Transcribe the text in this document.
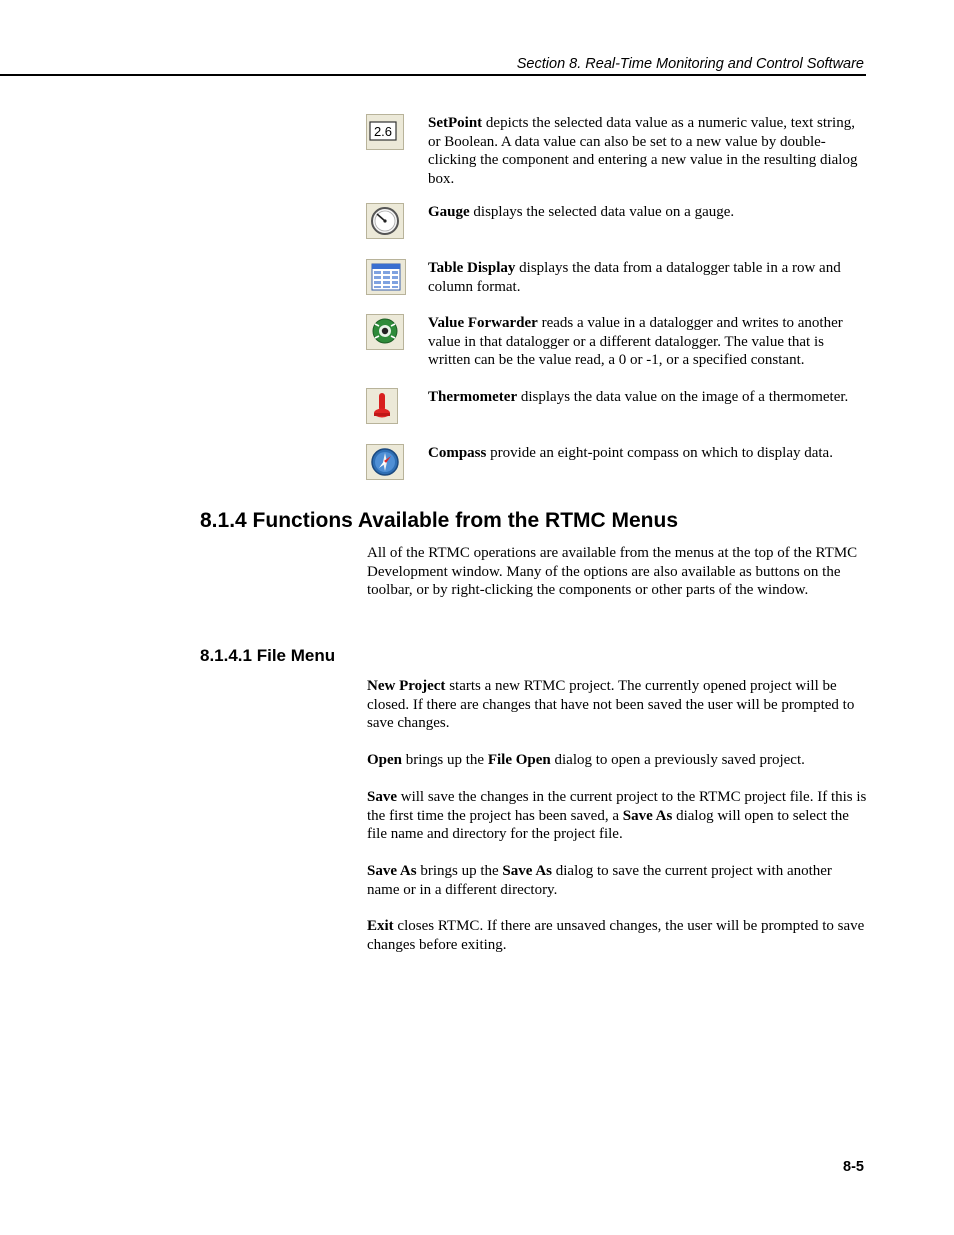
Section 8. Real-Time Monitoring and Control Software
2.6
SetPoint depicts the selected data value as a numeric value, text string, or Boolean. A data value can also be set to a new value by double-clicking the component and entering a new value in the resulting dialog box.
Gauge displays the selected data value on a gauge.
Table Display displays the data from a datalogger table in a row and column format.
Value Forwarder reads a value in a datalogger and writes to another value in that datalogger or a different datalogger. The value that is written can be the value read, a 0 or -1, or a specified constant.
Thermometer displays the data value on the image of a thermometer.
Compass provide an eight-point compass on which to display data.
8.1.4 Functions Available from the RTMC Menus
All of the RTMC operations are available from the menus at the top of the RTMC Development window. Many of the options are also available as buttons on the toolbar, or by right-clicking the components or other parts of the window.
8.1.4.1 File Menu
New Project starts a new RTMC project. The currently opened project will be closed. If there are changes that have not been saved the user will be prompted to save changes.
Open brings up the File Open dialog to open a previously saved project.
Save will save the changes in the current project to the RTMC project file. If this is the first time the project has been saved, a Save As dialog will open to select the file name and directory for the project file.
Save As brings up the Save As dialog to save the current project with another name or in a different directory.
Exit closes RTMC. If there are unsaved changes, the user will be prompted to save changes before exiting.
8-5
